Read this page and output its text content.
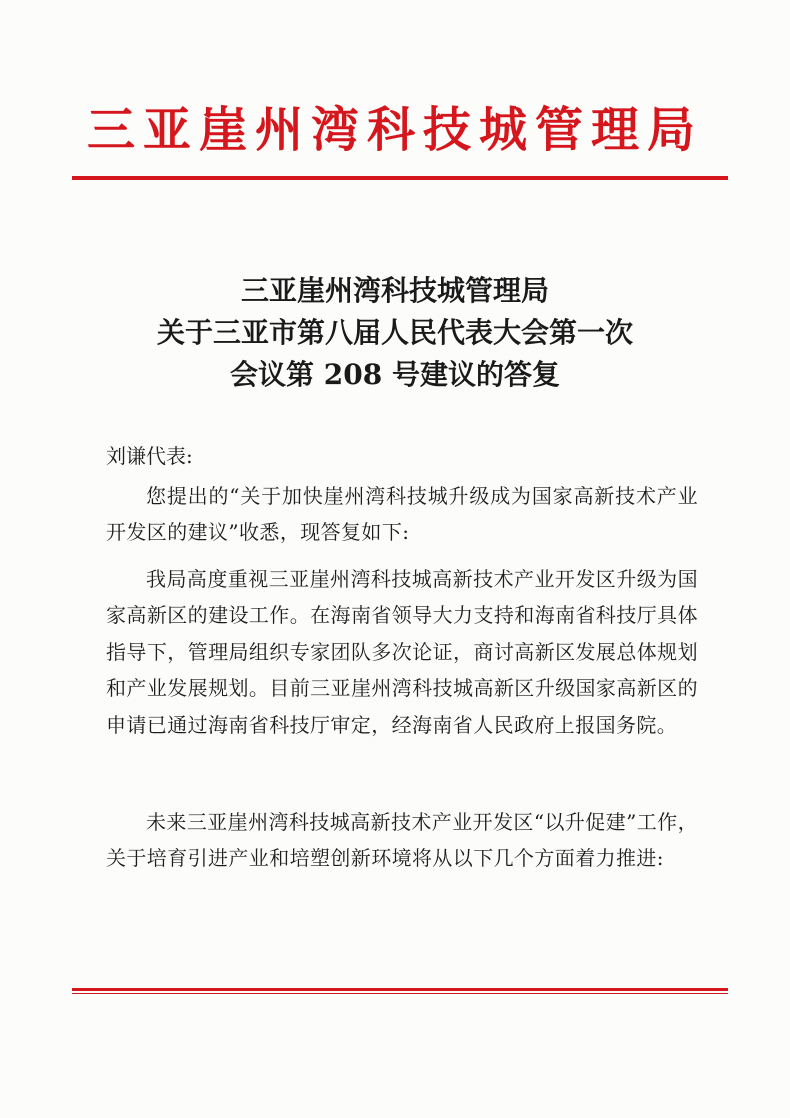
三亚崖州湾科技城管理局
三亚崖州湾科技城管理局
关于三亚市第八届人民代表大会第一次
会议第 208 号建议的答复
刘谦代表:

您提出的“关于加快崖州湾科技城升级成为国家高新技术产业开发区的建议”收悉，现答复如下:

我局高度重视三亚崖州湾科技城高新技术产业开发区升级为国家高新区的建设工作。在海南省领导大力支持和海南省科技厅具体指导下，管理局组织专家团队多次论证，商讨高新区发展总体规划和产业发展规划。目前三亚崖州湾科技城高新区升级国家高新区的申请已通过海南省科技厅审定，经海南省人民政府上报国务院。

未来三亚崖州湾科技城高新技术产业开发区“以升促建”工作，关于培育引进产业和培塑创新环境将从以下几个方面着力推进:
